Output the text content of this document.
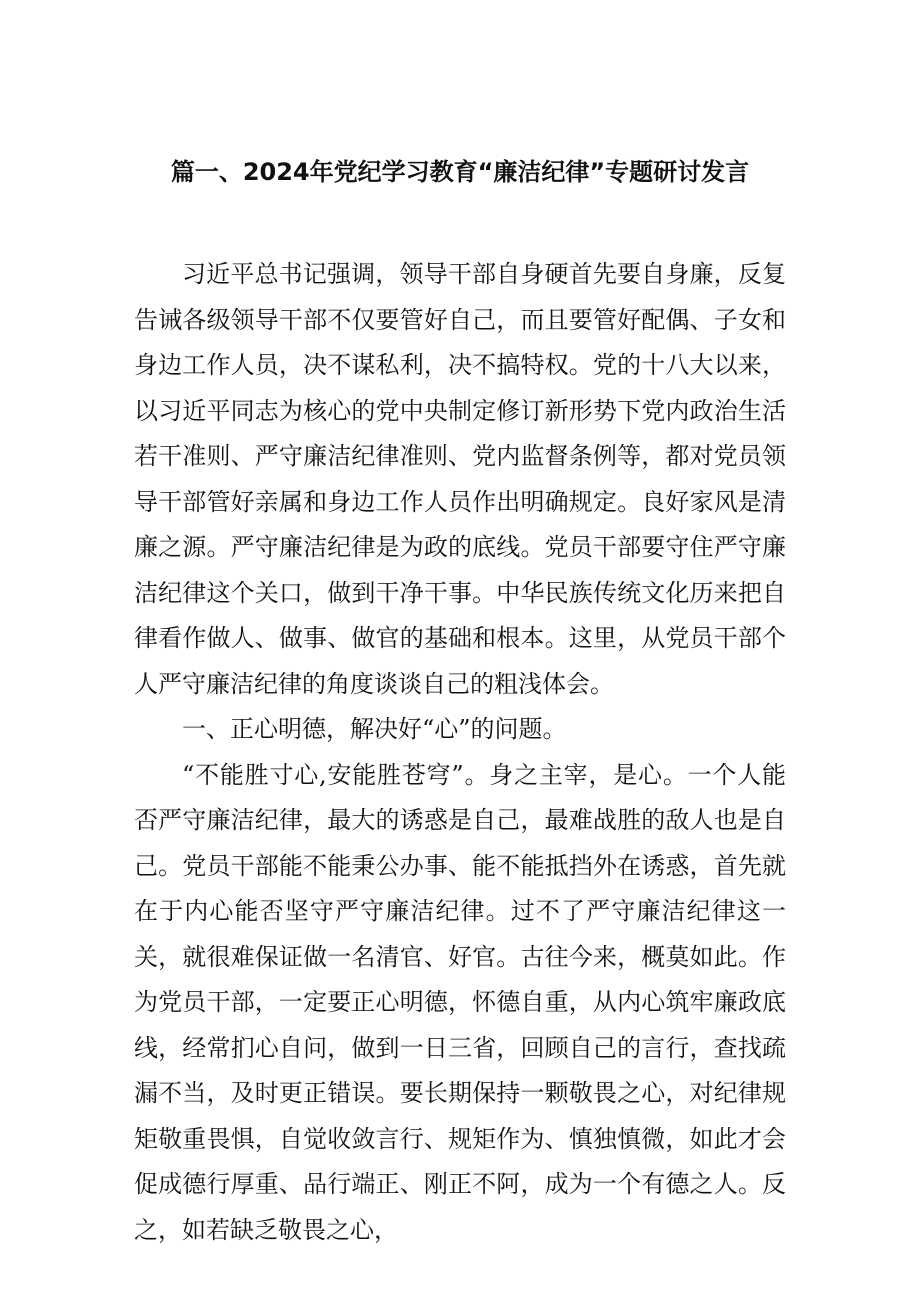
篇一、2024年党纪学习教育“廉洁纪律”专题研讨发言

习近平总书记强调，领导干部自身硬首先要自身廉，反复告诫各级领导干部不仅要管好自己，而且要管好配偶、子女和身边工作人员，决不谋私利，决不搞特权。党的十八大以来，以习近平同志为核心的党中央制定修订新形势下党内政治生活若干准则、严守廉洁纪律准则、党内监督条例等，都对党员领导干部管好亲属和身边工作人员作出明确规定。良好家风是清廉之源。严守廉洁纪律是为政的底线。党员干部要守住严守廉洁纪律这个关口，做到干净干事。中华民族传统文化历来把自律看作做人、做事、做官的基础和根本。这里，从党员干部个人严守廉洁纪律的角度谈谈自己的粗浅体会。

一、正心明德，解决好“心”的问题。

“不能胜寸心,安能胜苍穹”。身之主宰，是心。一个人能否严守廉洁纪律，最大的诱惑是自己，最难战胜的敌人也是自己。党员干部能不能秉公办事、能不能抵挡外在诱惑，首先就在于内心能否坚守严守廉洁纪律。过不了严守廉洁纪律这一关，就很难保证做一名清官、好官。古往今来，概莫如此。作为党员干部，一定要正心明德，怀德自重，从内心筑牢廉政底线，经常扪心自问，做到一日三省，回顾自己的言行，查找疏漏不当，及时更正错误。要长期保持一颗敬畏之心，对纪律规矩敬重畏惧，自觉收敛言行、规矩作为、慎独慎微，如此才会促成德行厚重、品行端正、刚正不阿，成为一个有德之人。反之，如若缺乏敬畏之心，
